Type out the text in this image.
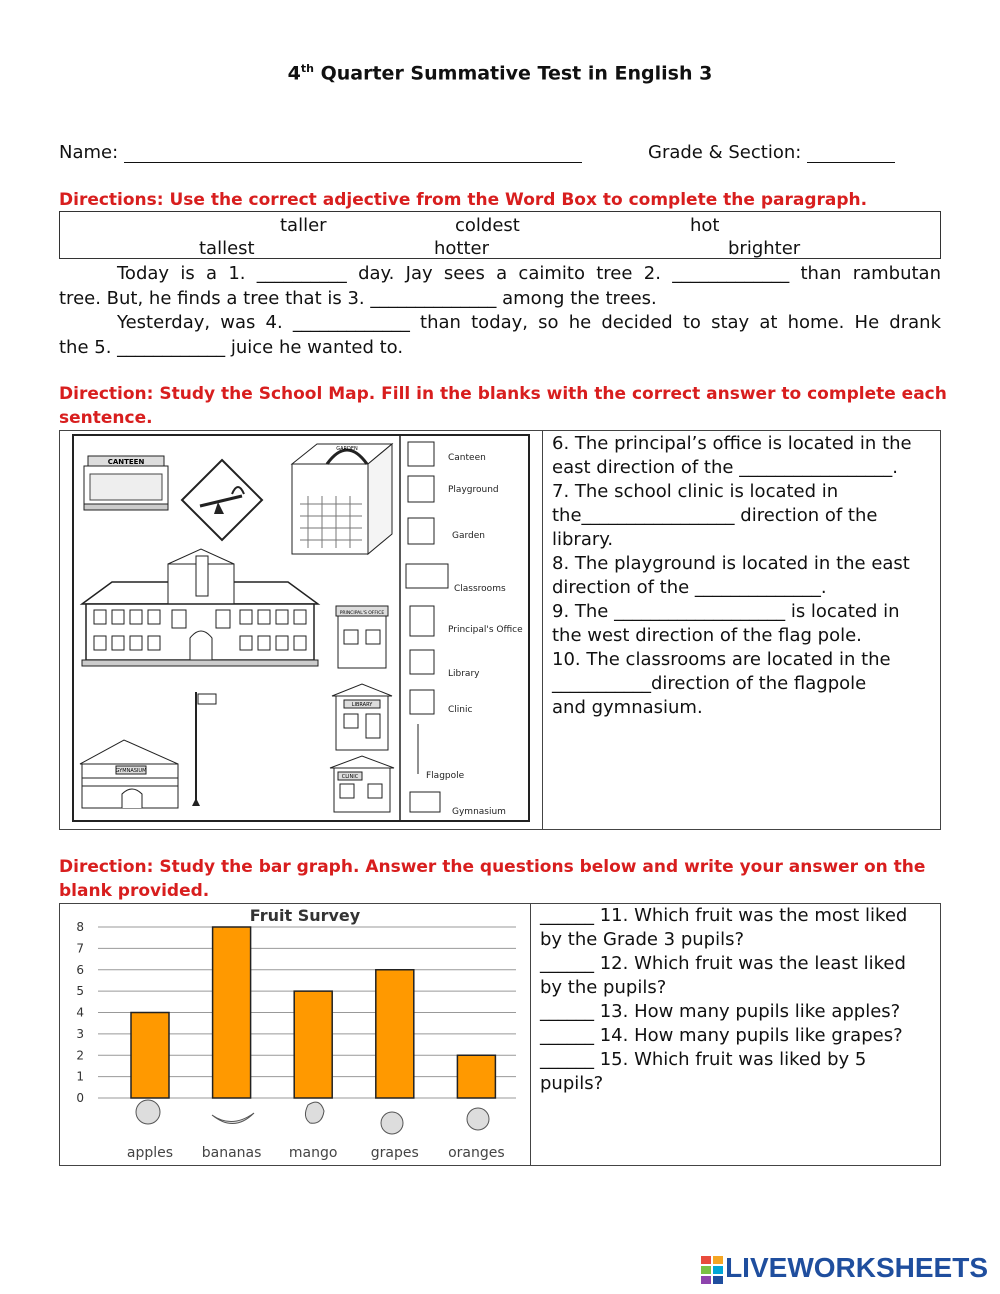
4th Quarter Summative Test in English 3
Name:	Grade & Section:
Directions: Use the correct adjective from the Word Box to complete the paragraph.
taller	coldest	hot
tallest	hotter	brighter
Today is a 1. __________ day. Jay sees a caimito tree 2. _____________ than rambutan
tree. But, he finds a tree that is 3. ______________ among the trees.
Yesterday, was 4. _____________ than today, so he decided to stay at home. He drank
the 5. ____________ juice he wanted to.
Direction: Study the School Map. Fill in the blanks with the correct answer to complete each
sentence.
CANTEEN
GARDEN
PRINCIPAL'S OFFICE
LIBRARY
CLINIC
GYMNASIUM
Canteen
Playground
Garden
Classrooms
Principal's Office
Library
Clinic
Flagpole
Gymnasium
6. The principal’s office is located in the
east direction of the _________________.
7. The school clinic is located in
the_________________ direction of the
library.
8. The playground is located in the east
direction of the ______________.
9. The ___________________ is located in
the west direction of the flag pole.
10. The classrooms are located in the
___________direction of the flagpole
and gymnasium.
Direction: Study the bar graph. Answer the questions below and write your answer on the
blank provided.
Fruit Survey
0
1
2
3
4
5
6
7
8
apples bananas mango grapes oranges
______ 11. Which fruit was the most liked
by the Grade 3 pupils?
______ 12. Which fruit was the least liked
by the pupils?
______ 13. How many pupils like apples?
______ 14. How many pupils like grapes?
______ 15. Which fruit was liked by 5
pupils?
LIVEWORKSHEETS
